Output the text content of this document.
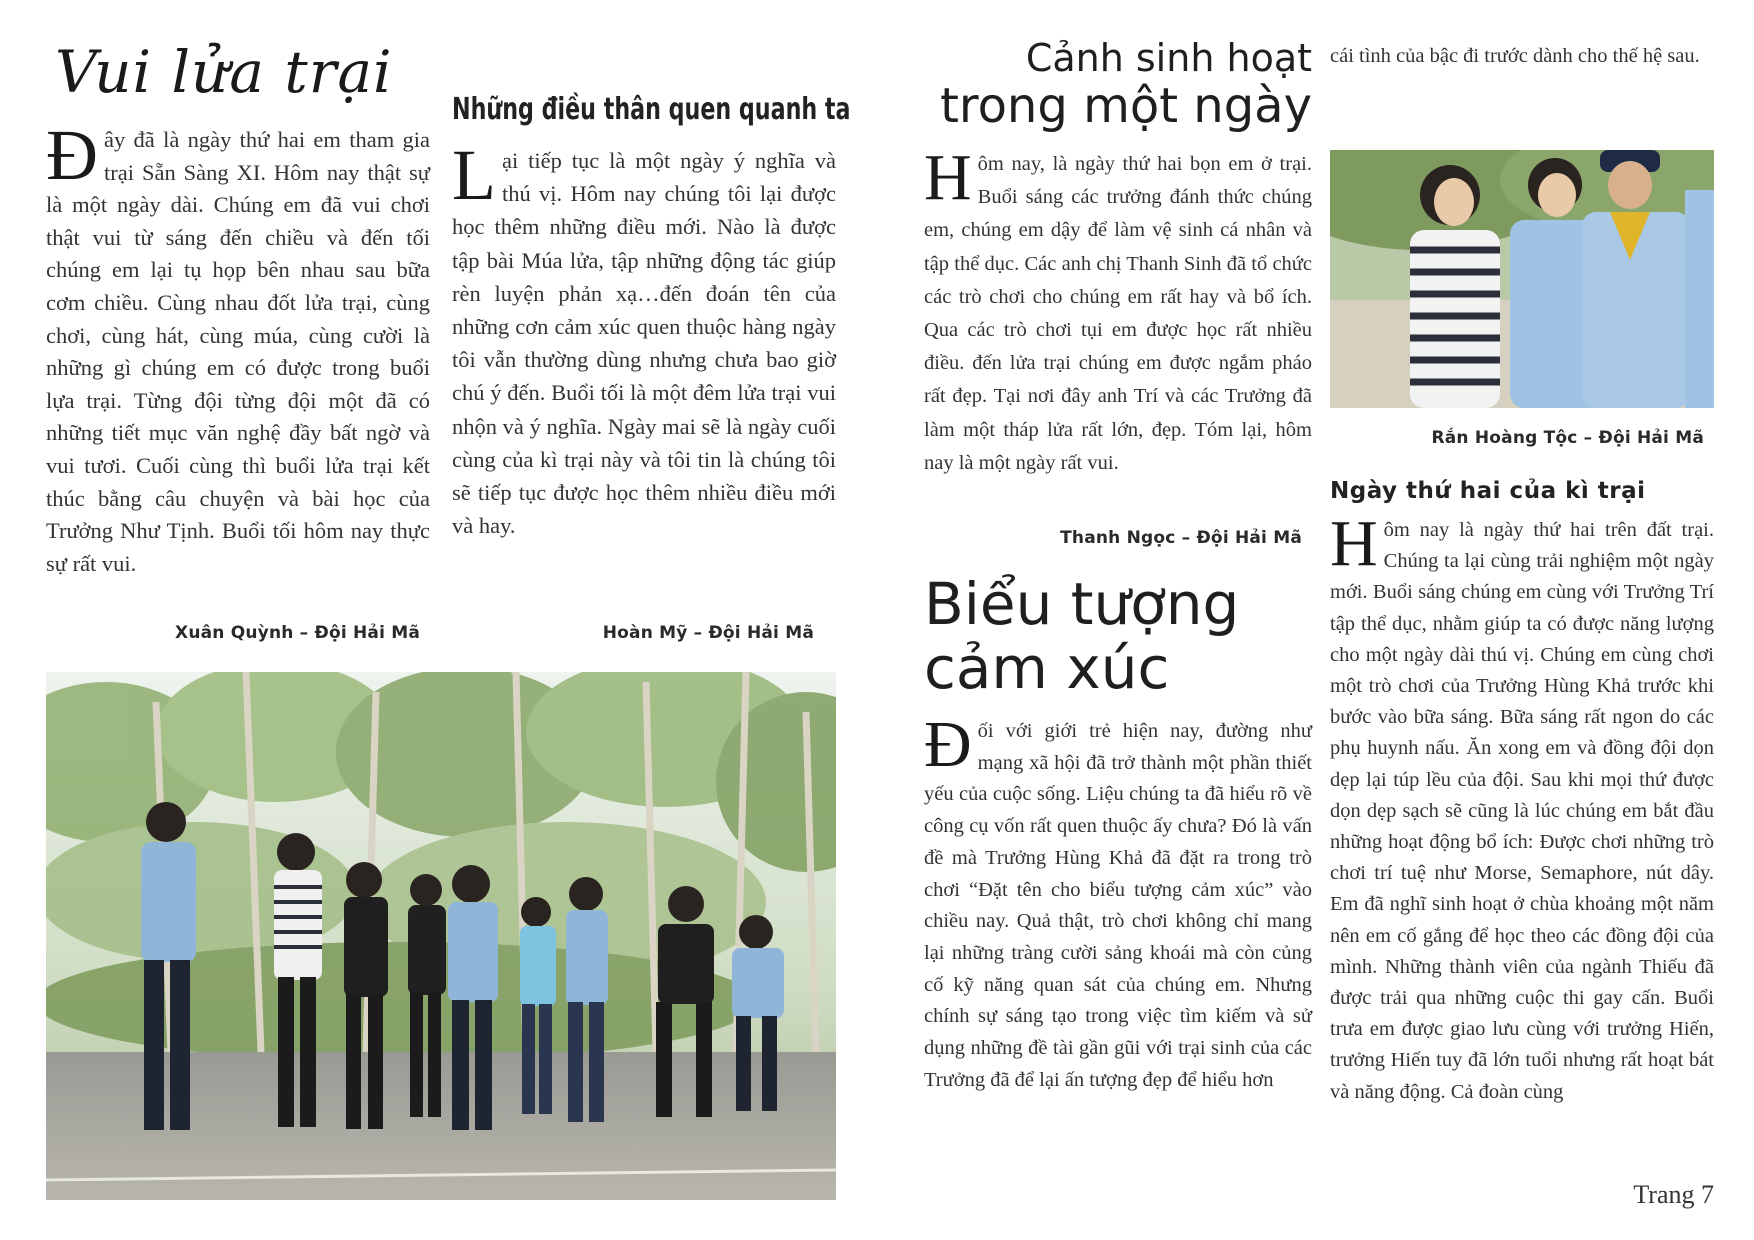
Vui lửa trại
Đ ây đã là ngày thứ hai em tham gia trại Sẵn Sàng XI. Hôm nay thật sự là một ngày dài. Chúng em đã vui chơi thật vui từ sáng đến chiều và đến tối chúng em lại tụ họp bên nhau sau bữa cơm chiều. Cùng nhau đốt lửa trại, cùng chơi, cùng hát, cùng múa, cùng cười là những gì chúng em có được trong buổi lựa trại. Từng đội từng đội một đã có những tiết mục văn nghệ đầy bất ngờ và vui tươi. Cuối cùng thì buổi lửa trại kết thúc bằng câu chuyện và bài học của Trưởng Như Tịnh. Buổi tối hôm nay thực sự rất vui.
Xuân Quỳnh – Đội Hải Mã
Những điều thân quen quanh ta
L ại tiếp tục là một ngày ý nghĩa và thú vị. Hôm nay chúng tôi lại được học thêm những điều mới. Nào là được tập bài Múa lửa, tập những động tác giúp rèn luyện phản xạ…đến đoán tên của những cơn cảm xúc quen thuộc hàng ngày tôi vẫn thường dùng nhưng chưa bao giờ chú ý đến. Buổi tối là một đêm lửa trại vui nhộn và ý nghĩa. Ngày mai sẽ là ngày cuối cùng của kì trại này và tôi tin là chúng tôi sẽ tiếp tục được học thêm nhiều điều mới và hay.
Hoàn Mỹ – Đội Hải Mã
Cảnh sinh hoạt
trong một ngày
H ôm nay, là ngày thứ hai bọn em ở trại. Buổi sáng các trưởng đánh thức chúng em, chúng em dậy để làm vệ sinh cá nhân và tập thể dục. Các anh chị Thanh Sinh đã tổ chức các trò chơi cho chúng em rất hay và bổ ích. Qua các trò chơi tụi em được học rất nhiều điều. đến lửa trại chúng em được ngắm pháo rất đẹp. Tại nơi đây anh Trí và các Trưởng đã làm một tháp lửa rất lớn, đẹp. Tóm lại, hôm nay là một ngày rất vui.
Thanh Ngọc – Đội Hải Mã
Biểu tượng
cảm xúc
Đ ối với giới trẻ hiện nay, đường như mạng xã hội đã trở thành một phần thiết yếu của cuộc sống. Liệu chúng ta đã hiểu rõ về công cụ vốn rất quen thuộc ấy chưa? Đó là vấn đề mà Trưởng Hùng Khả đã đặt ra trong trò chơi “Đặt tên cho biểu tượng cảm xúc” vào chiều nay. Quả thật, trò chơi không chỉ mang lại những tràng cười sảng khoái mà còn củng cố kỹ năng quan sát của chúng em. Nhưng chính sự sáng tạo trong việc tìm kiếm và sử dụng những đề tài gần gũi với trại sinh của các Trưởng đã để lại ấn tượng đẹp để hiểu hơn
cái tình của bậc đi trước dành cho thế hệ sau.
Rắn Hoàng Tộc – Đội Hải Mã
Ngày thứ hai của kì trại
H ôm nay là ngày thứ hai trên đất trại. Chúng ta lại cùng trải nghiệm một ngày mới. Buổi sáng chúng em cùng với Trưởng Trí tập thể dục, nhằm giúp ta có được năng lượng cho một ngày dài thú vị. Chúng em cùng chơi một trò chơi của Trưởng Hùng Khả trước khi bước vào bữa sáng. Bữa sáng rất ngon do các phụ huynh nấu. Ăn xong em và đồng đội dọn dẹp lại túp lều của đội. Sau khi mọi thứ được dọn dẹp sạch sẽ cũng là lúc chúng em bắt đầu những hoạt động bổ ích: Được chơi những trò chơi trí tuệ như Morse, Semaphore, nút dây. Em đã nghĩ sinh hoạt ở chùa khoảng một năm nên em cố gắng để học theo các đồng đội của mình. Những thành viên của ngành Thiếu đã được trải qua những cuộc thi gay cấn. Buổi trưa em được giao lưu cùng với trưởng Hiến, trưởng Hiến tuy đã lớn tuổi nhưng rất hoạt bát và năng động. Cả đoàn cùng
Trang 7
